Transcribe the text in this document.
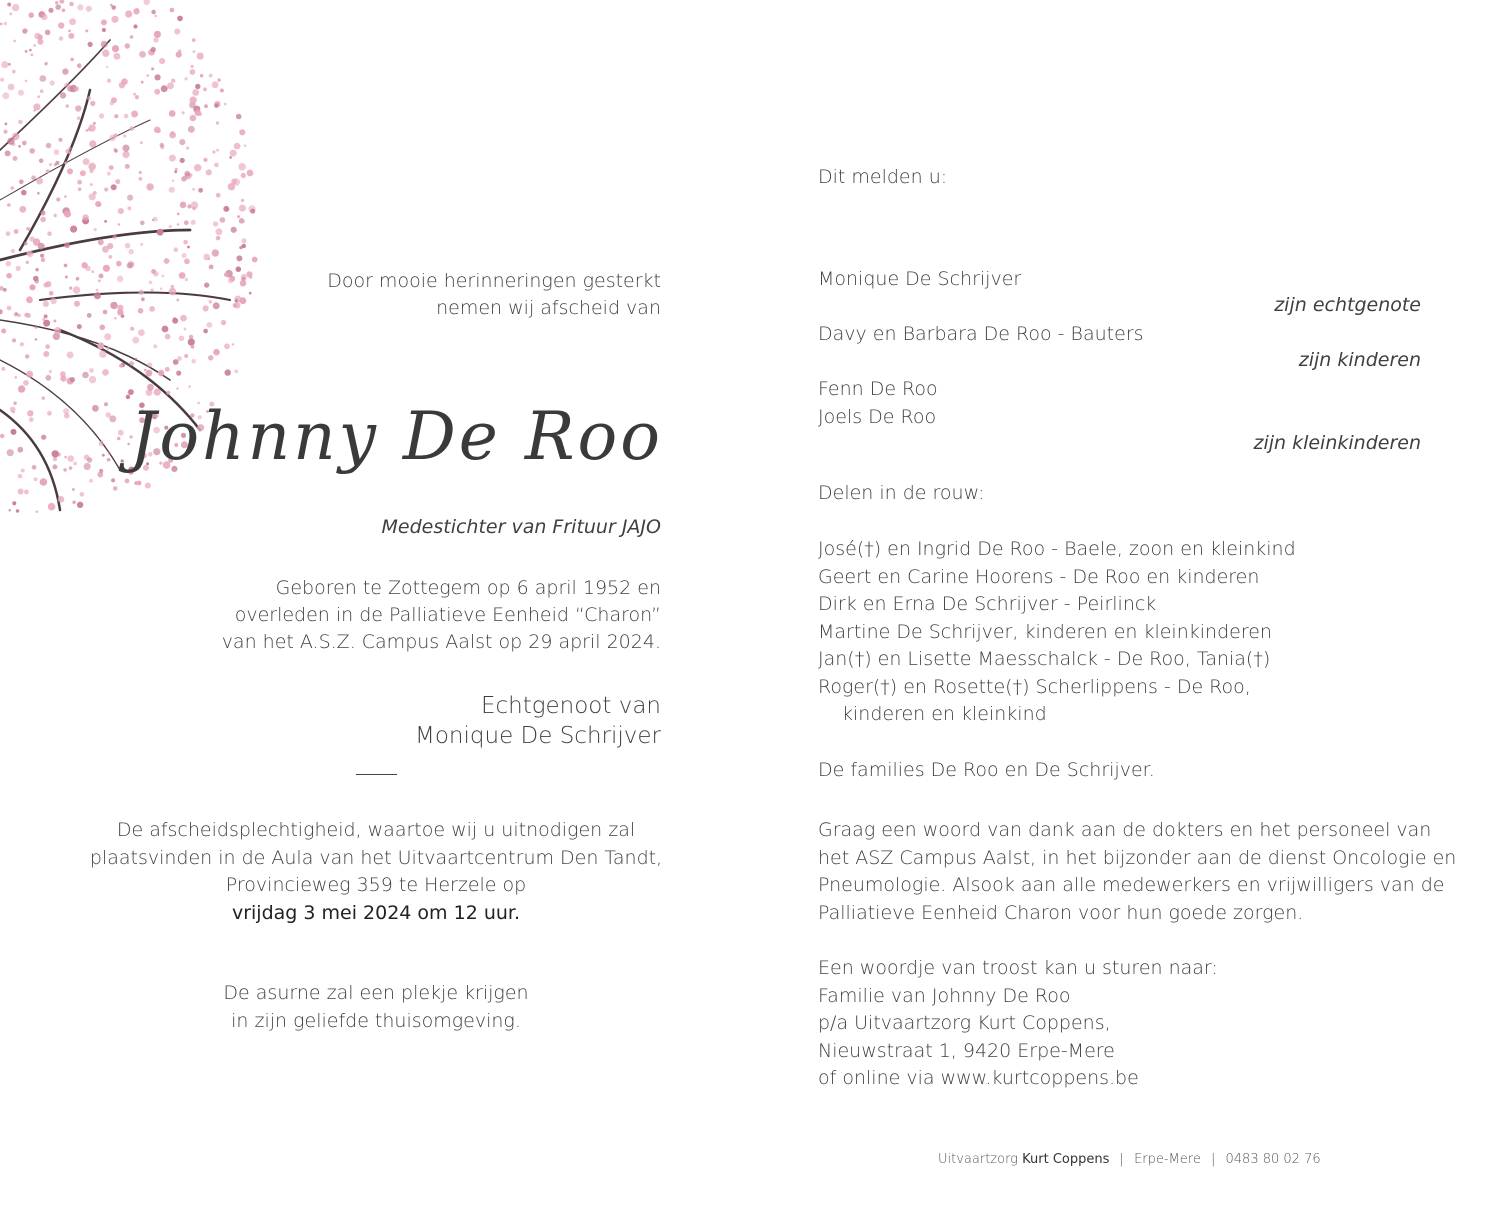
Door mooie herinneringen gesterkt
nemen wij afscheid van
Johnny De Roo
Medestichter van Frituur JAJO
Geboren te Zottegem op 6 april 1952 en
overleden in de Palliatieve Eenheid “Charon”
van het A.S.Z. Campus Aalst op 29 april 2024.
Echtgenoot van
Monique De Schrijver
De afscheidsplechtigheid, waartoe wij u uitnodigen zal
plaatsvinden in de Aula van het Uitvaartcentrum Den Tandt,
Provincieweg 359 te Herzele op
vrijdag 3 mei 2024 om 12 uur.
De asurne zal een plekje krijgen
in zijn geliefde thuisomgeving.
Dit melden u:
Monique De Schrijver
zijn echtgenote
Davy en Barbara De Roo - Bauters
zijn kinderen
Fenn De Roo
Joels De Roo
zijn kleinkinderen
Delen in de rouw:
José(†) en Ingrid De Roo - Baele, zoon en kleinkind
Geert en Carine Hoorens - De Roo en kinderen
Dirk en Erna De Schrijver - Peirlinck
Martine De Schrijver, kinderen en kleinkinderen
Jan(†) en Lisette Maesschalck - De Roo, Tania(†)
Roger(†) en Rosette(†) Scherlippens - De Roo,
kinderen en kleinkind
De families De Roo en De Schrijver.
Graag een woord van dank aan de dokters en het personeel van
het ASZ Campus Aalst, in het bijzonder aan de dienst Oncologie en
Pneumologie. Alsook aan alle medewerkers en vrijwilligers van de
Palliatieve Eenheid Charon voor hun goede zorgen.
Een woordje van troost kan u sturen naar:
Familie van Johnny De Roo
p/a Uitvaartzorg Kurt Coppens,
Nieuwstraat 1, 9420 Erpe-Mere
of online via www.kurtcoppens.be
Uitvaartzorg Kurt Coppens | Erpe-Mere | 0483 80 02 76
